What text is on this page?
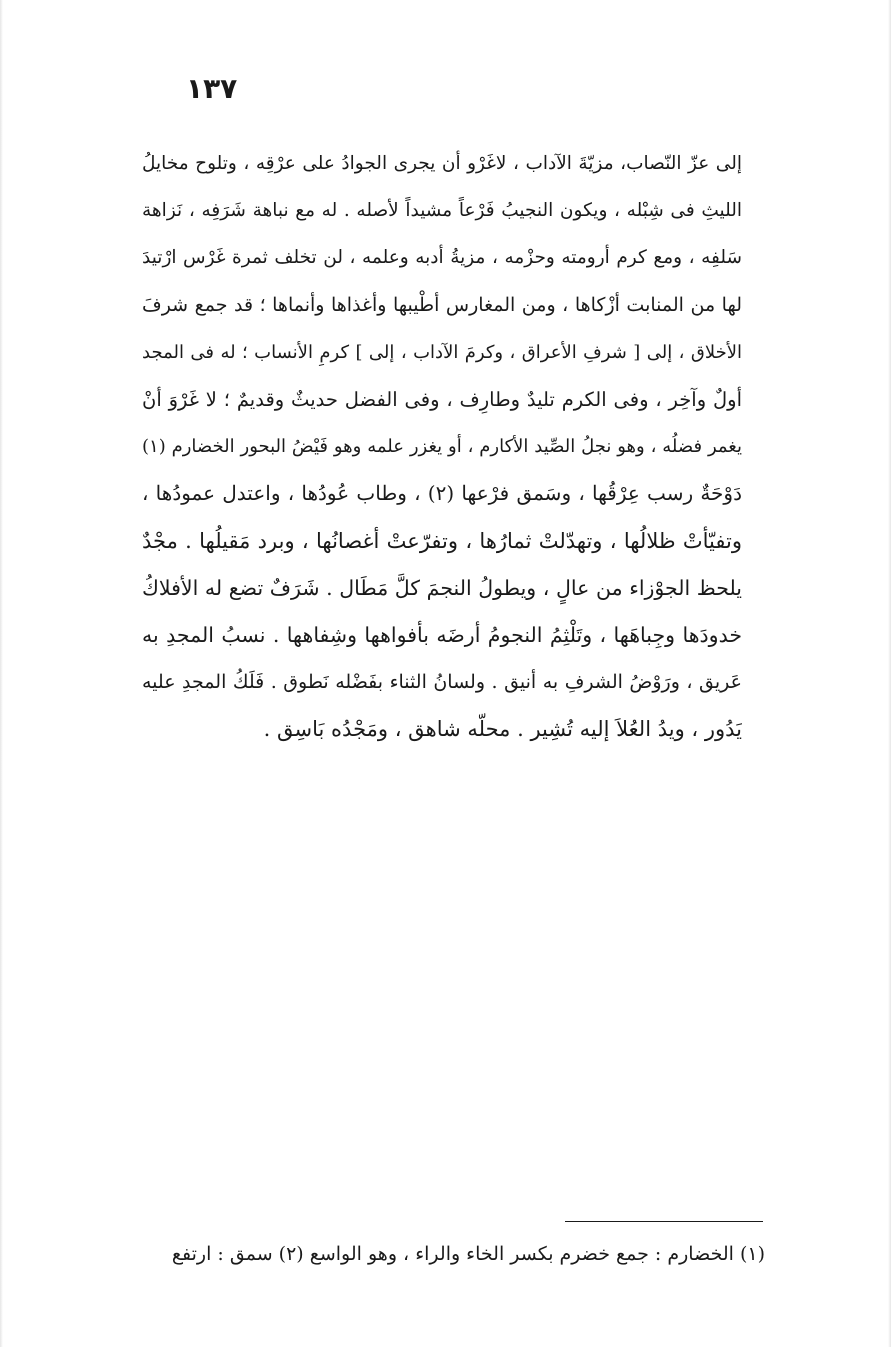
١٣٧
إلى عزّ النّصاب، مزيّةَ الآداب ، لاغَرْو أن يجرى الجوادُ على عرْقِه ، وتلوح مخايلُ
الليثِ فى شِبْله ، ويكون النجيبُ فَرْعاً مشيداً لأصله . له مع نباهة شَرَفِه ، نَزاهة
سَلفِه ، ومع كرم أرومته وحزْمه ، مزيةُ أدبه وعلمه ، لن تخلف ثمرة غَرْس ارْتيدَ
لها من المنابت أزْكاها ، ومن المغارس أطْيبها وأغذاها وأنماها ؛ قد جمع شرفَ
الأخلاق ، إلى [ شرفِ الأعراق ، وكرمَ الآداب ، إلى ] كرمِ الأنساب ؛ له فى المجد
أولٌ وآخِر ، وفى الكرم تليدٌ وطارِف ، وفى الفضل حديثٌ وقديمٌ ؛ لا غَرْوَ أنْ
يغمر فضلُه ، وهو نجلُ الصِّيد الأكارم ، أو يغزر علمه وهو فَيْضُ البحور الخضارم (١)
دَوْحَةٌ رسب عِرْقُها ، وسَمق فرْعها (٢) ، وطاب عُودُها ، واعتدل عمودُها ،
وتفيّأتْ ظلالُها ، وتهدّلتْ ثمارُها ، وتفرّعتْ أغصانُها ، وبرد مَقيلُها . مجْدٌ
يلحظ الجوْزاء من عالٍ ، ويطولُ النجمَ كلَّ مَطَال . شَرَفٌ تضع له الأفلاكُ
خدودَها وجِباهَها ، وتَلْثِمُ النجومُ أرضَه بأفواهها وشِفاهها . نسبُ المجدِ به
عَريق ، ورَوْضُ الشرفِ به أنيق . ولسانُ الثناء بفَضْله نَطوق . فَلَكُ المجدِ عليه
يَدُور ، ويدُ العُلاَ إليه تُشِير . محلّه شاهق ، ومَجْدُه بَاسِق .
(١) الخضارم : جمع خضرم بكسر الخاء والراء ، وهو الواسع (٢) سمق : ارتفع
